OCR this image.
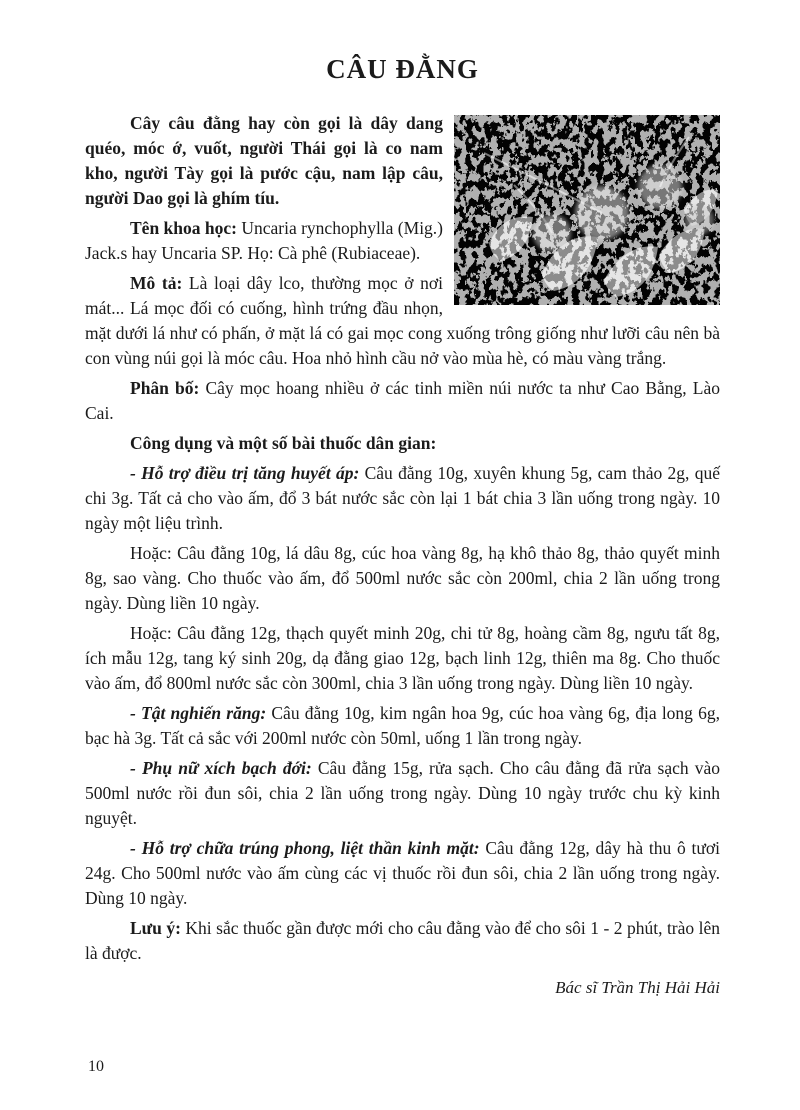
CÂU ĐẰNG

Cây câu đằng hay còn gọi là dây dang quéo, móc ớ, vuốt, người Thái gọi là co nam kho, người Tày gọi là pước cậu, nam lập câu, người Dao gọi là ghím tíu.

Tên khoa học: Uncaria rynchophylla (Mig.) Jack.s hay Uncaria SP. Họ: Cà phê (Rubiaceae).

Mô tả: Là loại dây lco, thường mọc ở nơi mát... Lá mọc đối có cuống, hình trứng đầu nhọn, mặt dưới lá như có phấn, ở mặt lá có gai mọc cong xuống trông giống như lưỡi câu nên bà con vùng núi gọi là móc câu. Hoa nhỏ hình cầu nở vào mùa hè, có màu vàng trắng.

Phân bố: Cây mọc hoang nhiều ở các tinh miền núi nước ta như Cao Bằng, Lào Cai.

Công dụng và một số bài thuốc dân gian:

- Hỗ trợ điều trị tăng huyết áp: Câu đằng 10g, xuyên khung 5g, cam thảo 2g, quế chi 3g. Tất cả cho vào ấm, đổ 3 bát nước sắc còn lại 1 bát chia 3 lần uống trong ngày. 10 ngày một liệu trình.

Hoặc: Câu đằng 10g, lá dâu 8g, cúc hoa vàng 8g, hạ khô thảo 8g, thảo quyết minh 8g, sao vàng. Cho thuốc vào ấm, đổ 500ml nước sắc còn 200ml, chia 2 lần uống trong ngày. Dùng liền 10 ngày.

Hoặc: Câu đằng 12g, thạch quyết minh 20g, chi tử 8g, hoàng cầm 8g, ngưu tất 8g, ích mẫu 12g, tang ký sinh 20g, dạ đằng giao 12g, bạch linh 12g, thiên ma 8g. Cho thuốc vào ấm, đổ 800ml nước sắc còn 300ml, chia 3 lần uống trong ngày. Dùng liền 10 ngày.

- Tật nghiến răng: Câu đằng 10g, kim ngân hoa 9g, cúc hoa vàng 6g, địa long 6g, bạc hà 3g. Tất cả sắc với 200ml nước còn 50ml, uống 1 lần trong ngày.

- Phụ nữ xích bạch đới: Câu đằng 15g, rửa sạch. Cho câu đằng đã rửa sạch vào 500ml nước rồi đun sôi, chia 2 lần uống trong ngày. Dùng 10 ngày trước chu kỳ kinh nguyệt.

- Hỗ trợ chữa trúng phong, liệt thần kinh mặt: Câu đằng 12g, dây hà thu ô tươi 24g. Cho 500ml nước vào ấm cùng các vị thuốc rồi đun sôi, chia 2 lần uống trong ngày. Dùng 10 ngày.

Lưu ý: Khi sắc thuốc gần được mới cho câu đằng vào để cho sôi 1 - 2 phút, trào lên là được.

Bác sĩ Trần Thị Hải Hải
10
